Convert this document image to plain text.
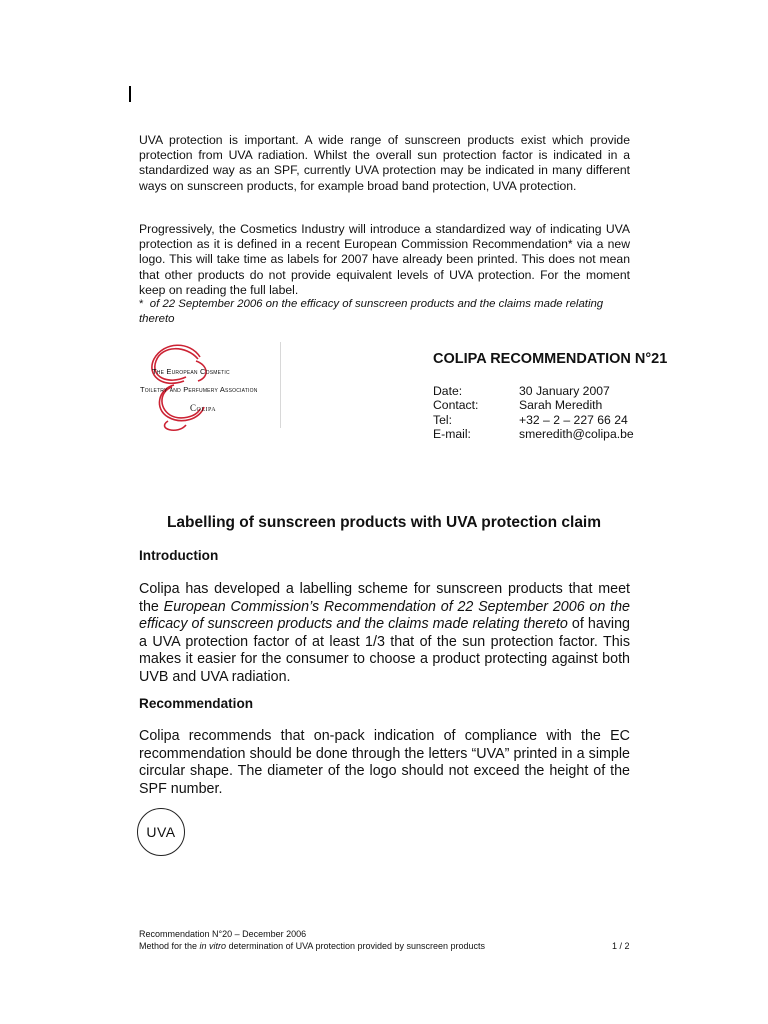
UVA protection is important. A wide range of sunscreen products exist which provide protection from UVA radiation. Whilst the overall sun protection factor is indicated in a standardized way as an SPF, currently UVA protection may be indicated in many different ways on sunscreen products, for example broad band protection, UVA protection.
Progressively, the Cosmetics Industry will introduce a standardized way of indicating UVA protection as it is defined in a recent European Commission Recommendation* via a new logo. This will take time as labels for 2007 have already been printed. This does not mean that other products do not provide equivalent levels of UVA protection. For the moment keep on reading the full label.
* of 22 September 2006 on the efficacy of sunscreen products and the claims made relating thereto
The European Cosmetic
Toiletry and Perfumery Association
Colipa
COLIPA RECOMMENDATION N°21
Date:	30 January 2007
Contact:	Sarah Meredith
Tel:	+32 – 2 – 227 66 24
E-mail:	smeredith@colipa.be
Labelling of sunscreen products with UVA protection claim
Introduction
Colipa has developed a labelling scheme for sunscreen products that meet the European Commission’s Recommendation of 22 September 2006 on the efficacy of sunscreen products and the claims made relating thereto of having a UVA protection factor of at least 1/3 that of the sun protection factor. This makes it easier for the consumer to choose a product protecting against both UVB and UVA radiation.
Recommendation
Colipa recommends that on-pack indication of compliance with the EC recommendation should be done through the letters “UVA” printed in a simple circular shape. The diameter of the logo should not exceed the height of the SPF number.
UVA
Recommendation N°20 – December 2006
Method for the in vitro determination of UVA protection provided by sunscreen products	1 / 2
